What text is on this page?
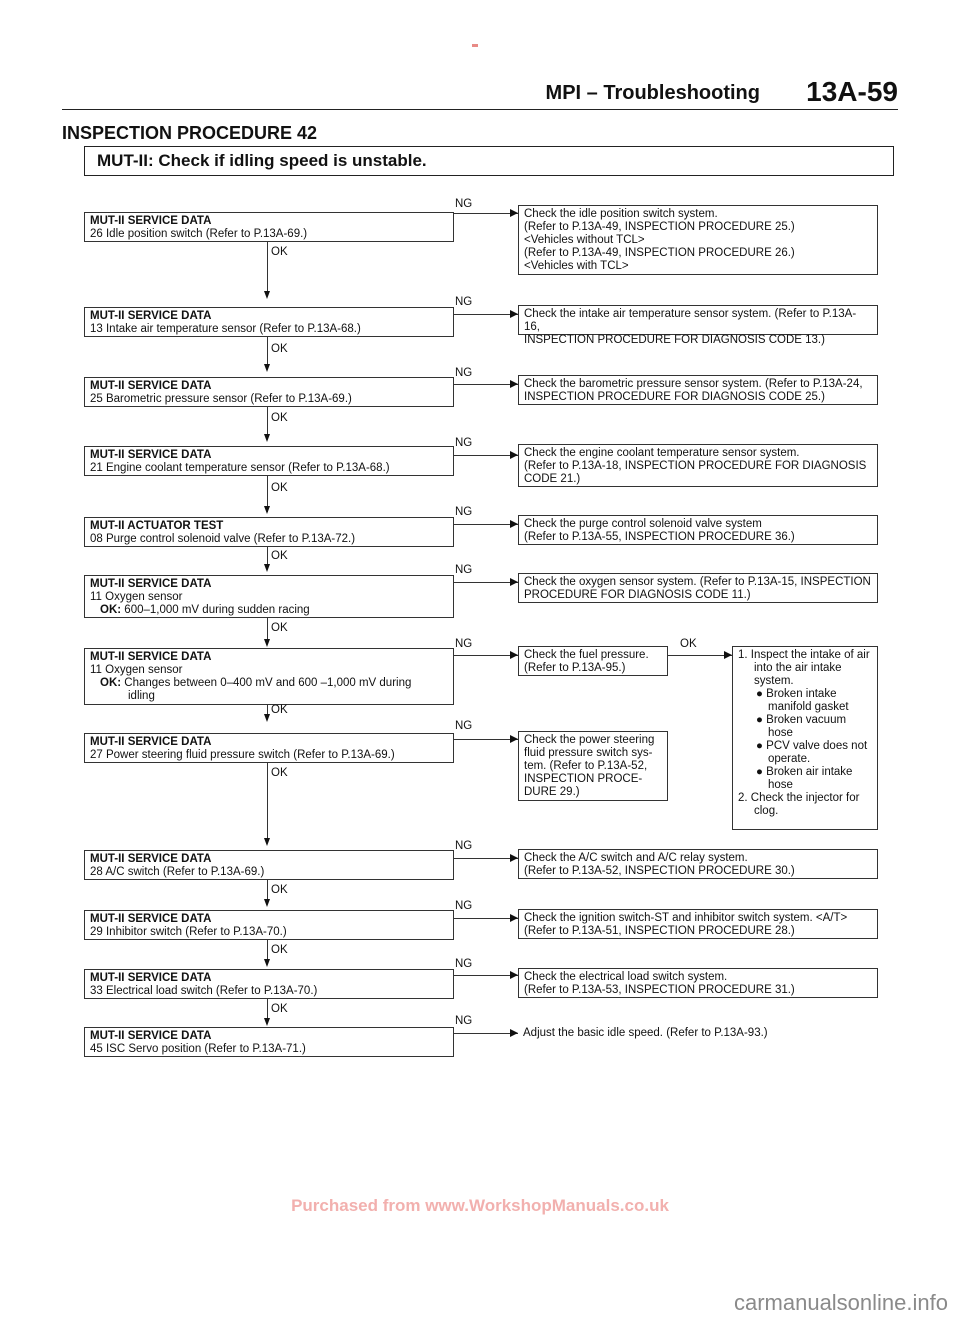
MPI – Troubleshooting 13A-59
INSPECTION PROCEDURE 42
MUT-II: Check if idling speed is unstable.
MUT-II SERVICE DATA
26 Idle position switch (Refer to P.13A-69.)
NG
Check the idle position switch system.
(Refer to P.13A-49, INSPECTION PROCEDURE 25.)
<Vehicles without TCL>
(Refer to P.13A-49, INSPECTION PROCEDURE 26.)
<Vehicles with TCL>
OK
MUT-II SERVICE DATA
13 Intake air temperature sensor (Refer to P.13A-68.)
NG
Check the intake air temperature sensor system. (Refer to P.13A-16,
INSPECTION PROCEDURE FOR DIAGNOSIS CODE 13.)
OK
MUT-II SERVICE DATA
25 Barometric pressure sensor (Refer to P.13A-69.)
NG
Check the barometric pressure sensor system. (Refer to P.13A-24,
INSPECTION PROCEDURE FOR DIAGNOSIS CODE 25.)
OK
MUT-II SERVICE DATA
21 Engine coolant temperature sensor (Refer to P.13A-68.)
NG
Check the engine coolant temperature sensor system.
(Refer to P.13A-18, INSPECTION PROCEDURE FOR DIAGNOSIS
CODE 21.)
OK
MUT-II ACTUATOR TEST
08 Purge control solenoid valve (Refer to P.13A-72.)
NG
Check the purge control solenoid valve system
(Refer to P.13A-55, INSPECTION PROCEDURE 36.)
OK
MUT-II SERVICE DATA
11 Oxygen sensor
OK: 600–1,000 mV during sudden racing
NG
Check the oxygen sensor system. (Refer to P.13A-15, INSPECTION
PROCEDURE FOR DIAGNOSIS CODE 11.)
OK
MUT-II SERVICE DATA
11 Oxygen sensor
OK: Changes between 0–400 mV and 600 –1,000 mV during
idling
NG
Check the fuel pressure.
(Refer to P.13A-95.)
OK
1. Inspect the intake of air into the air intake system.
● Broken intake manifold gasket
● Broken vacuum hose
● PCV valve does not operate.
● Broken air intake hose
2. Check the injector for clog.
OK
MUT-II SERVICE DATA
27 Power steering fluid pressure switch (Refer to P.13A-69.)
NG
Check the power steering
fluid pressure switch sys-
tem. (Refer to P.13A-52,
INSPECTION PROCE-
DURE 29.)
OK
MUT-II SERVICE DATA
28 A/C switch (Refer to P.13A-69.)
NG
Check the A/C switch and A/C relay system.
(Refer to P.13A-52, INSPECTION PROCEDURE 30.)
OK
MUT-II SERVICE DATA
29 Inhibitor switch (Refer to P.13A-70.)
NG
Check the ignition switch-ST and inhibitor switch system. <A/T>
(Refer to P.13A-51, INSPECTION PROCEDURE 28.)
OK
MUT-II SERVICE DATA
33 Electrical load switch (Refer to P.13A-70.)
NG
Check the electrical load switch system.
(Refer to P.13A-53, INSPECTION PROCEDURE 31.)
OK
MUT-II SERVICE DATA
45 ISC Servo position (Refer to P.13A-71.)
NG
Adjust the basic idle speed. (Refer to P.13A-93.)
Purchased from www.WorkshopManuals.co.uk
carmanualsonline.info
